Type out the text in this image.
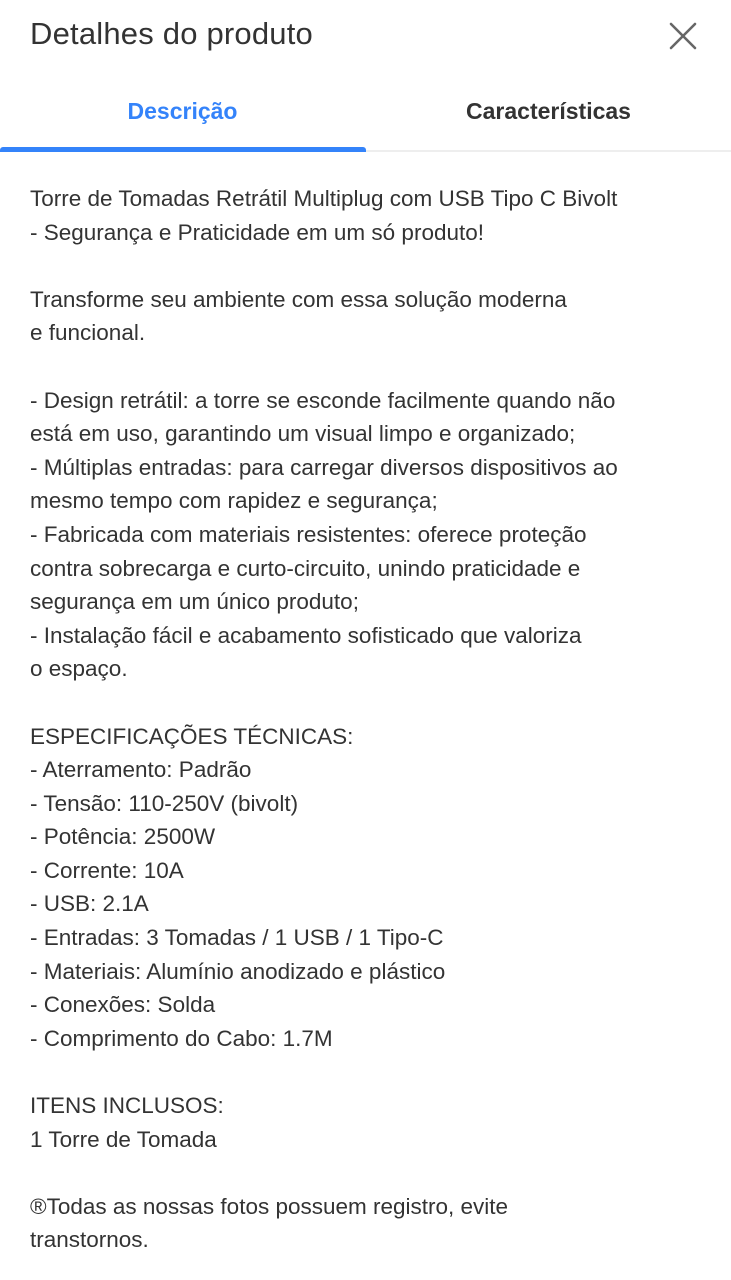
Detalhes do produto
Descrição	Características
Torre de Tomadas Retrátil Multiplug com USB Tipo C Bivolt
- Segurança e Praticidade em um só produto!

Transforme seu ambiente com essa solução moderna
e funcional.

- Design retrátil: a torre se esconde facilmente quando não
está em uso, garantindo um visual limpo e organizado;
- Múltiplas entradas: para carregar diversos dispositivos ao
mesmo tempo com rapidez e segurança;
- Fabricada com materiais resistentes: oferece proteção
contra sobrecarga e curto-circuito, unindo praticidade e
segurança em um único produto;
- Instalação fácil e acabamento sofisticado que valoriza
o espaço.

ESPECIFICAÇÕES TÉCNICAS:
- Aterramento: Padrão
- Tensão: 110-250V (bivolt)
- Potência: 2500W
- Corrente: 10A
- USB: 2.1A
- Entradas: 3 Tomadas / 1 USB / 1 Tipo-C
- Materiais: Alumínio anodizado e plástico
- Conexões: Solda
- Comprimento do Cabo: 1.7M

ITENS INCLUSOS:
1 Torre de Tomada

®Todas as nossas fotos possuem registro, evite
transtornos.
